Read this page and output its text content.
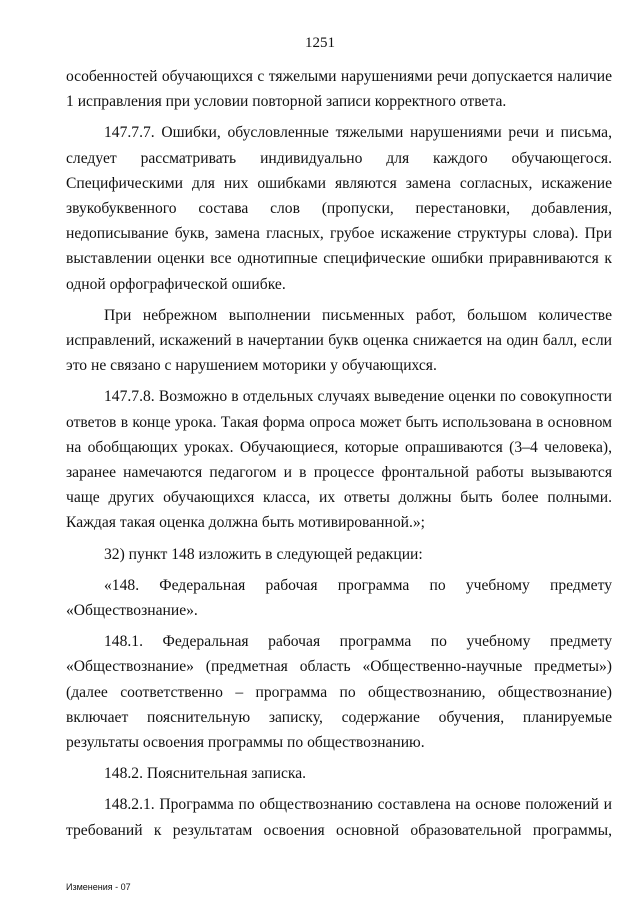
1251

особенностей обучающихся с тяжелыми нарушениями речи допускается наличие 1 исправления при условии повторной записи корректного ответа.

147.7.7. Ошибки, обусловленные тяжелыми нарушениями речи и письма, следует рассматривать индивидуально для каждого обучающегося. Специфическими для них ошибками являются замена согласных, искажение звукобуквенного состава слов (пропуски, перестановки, добавления, недописывание букв, замена гласных, грубое искажение структуры слова). При выставлении оценки все однотипные специфические ошибки приравниваются к одной орфографической ошибке.

При небрежном выполнении письменных работ, большом количестве исправлений, искажений в начертании букв оценка снижается на один балл, если это не связано с нарушением моторики у обучающихся.

147.7.8. Возможно в отдельных случаях выведение оценки по совокупности ответов в конце урока. Такая форма опроса может быть использована в основном на обобщающих уроках. Обучающиеся, которые опрашиваются (3–4 человека), заранее намечаются педагогом и в процессе фронтальной работы вызываются чаще других обучающихся класса, их ответы должны быть более полными. Каждая такая оценка должна быть мотивированной.»;

32) пункт 148 изложить в следующей редакции:

«148. Федеральная рабочая программа по учебному предмету «Обществознание».

148.1. Федеральная рабочая программа по учебному предмету «Обществознание» (предметная область «Общественно-научные предметы») (далее соответственно – программа по обществознанию, обществознание) включает пояснительную записку, содержание обучения, планируемые результаты освоения программы по обществознанию.

148.2. Пояснительная записка.

148.2.1. Программа по обществознанию составлена на основе положений и требований к результатам освоения основной образовательной программы,

Изменения - 07
